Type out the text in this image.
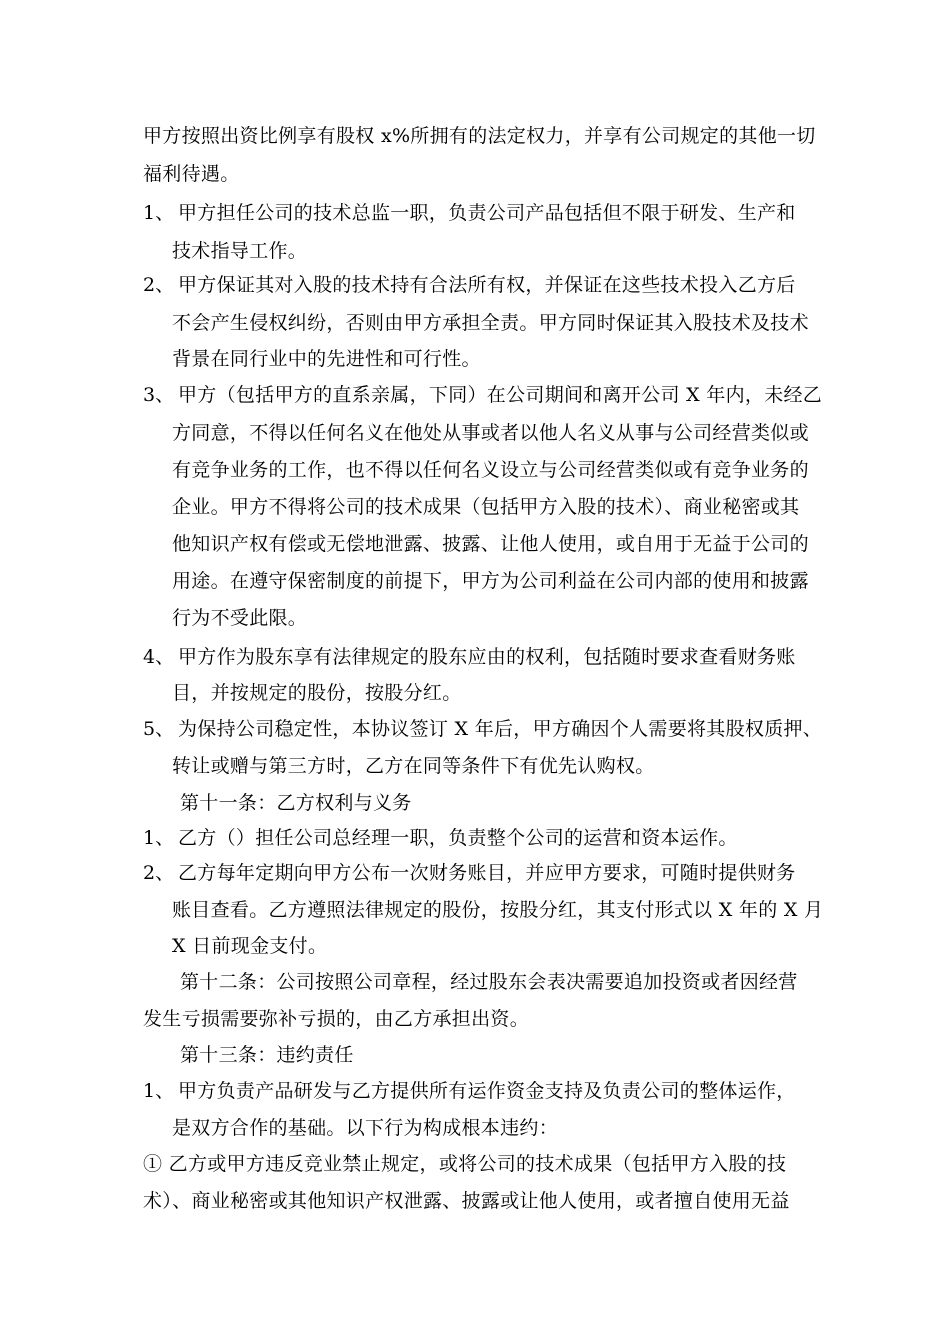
甲方按照出资比例享有股权 x%所拥有的法定权力，并享有公司规定的其他一切
福利待遇。
1、 甲方担任公司的技术总监一职，负责公司产品包括但不限于研发、生产和
技术指导工作。
2、 甲方保证其对入股的技术持有合法所有权，并保证在这些技术投入乙方后
不会产生侵权纠纷，否则由甲方承担全责。甲方同时保证其入股技术及技术
背景在同行业中的先进性和可行性。
3、 甲方（包括甲方的直系亲属，下同）在公司期间和离开公司 X 年内，未经乙
方同意，不得以任何名义在他处从事或者以他人名义从事与公司经营类似或
有竞争业务的工作，也不得以任何名义设立与公司经营类似或有竞争业务的
企业。甲方不得将公司的技术成果（包括甲方入股的技术）、商业秘密或其
他知识产权有偿或无偿地泄露、披露、让他人使用，或自用于无益于公司的
用途。在遵守保密制度的前提下，甲方为公司利益在公司内部的使用和披露
行为不受此限。
4、 甲方作为股东享有法律规定的股东应由的权利，包括随时要求查看财务账
目，并按规定的股份，按股分红。
5、 为保持公司稳定性，本协议签订 X 年后，甲方确因个人需要将其股权质押、
转让或赠与第三方时，乙方在同等条件下有优先认购权。
第十一条：乙方权利与义务
1、 乙方（）担任公司总经理一职，负责整个公司的运营和资本运作。
2、 乙方每年定期向甲方公布一次财务账目，并应甲方要求，可随时提供财务
账目查看。乙方遵照法律规定的股份，按股分红，其支付形式以 X 年的 X 月
X 日前现金支付。
第十二条：公司按照公司章程，经过股东会表决需要追加投资或者因经营
发生亏损需要弥补亏损的，由乙方承担出资。
第十三条：违约责任
1、 甲方负责产品研发与乙方提供所有运作资金支持及负责公司的整体运作，
是双方合作的基础。以下行为构成根本违约：
① 乙方或甲方违反竞业禁止规定，或将公司的技术成果（包括甲方入股的技
术）、商业秘密或其他知识产权泄露、披露或让他人使用，或者擅自使用无益
